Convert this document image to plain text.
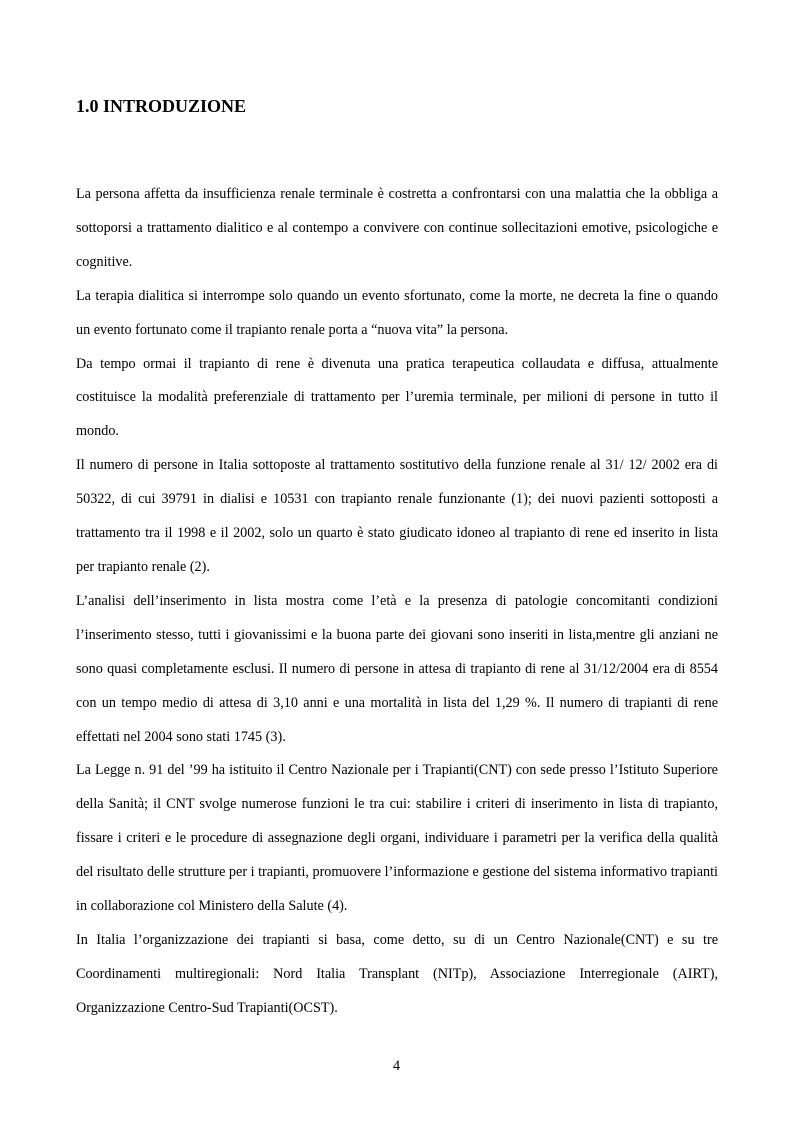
1.0 INTRODUZIONE

La persona affetta da insufficienza renale terminale è costretta a confrontarsi con una malattia che la obbliga a sottoporsi a trattamento dialitico e al contempo a convivere con continue sollecitazioni emotive, psicologiche e cognitive.

La terapia dialitica si interrompe solo quando un evento sfortunato, come la morte, ne decreta la fine o quando un evento fortunato come il trapianto renale porta a “nuova vita” la persona.

Da tempo ormai il trapianto di rene è divenuta una pratica terapeutica collaudata e diffusa, attualmente costituisce la modalità preferenziale di trattamento per l’uremia terminale, per milioni di persone in tutto il mondo.

Il numero di persone in Italia sottoposte al trattamento sostitutivo della funzione renale al 31/ 12/ 2002 era di 50322, di cui 39791 in dialisi e 10531 con trapianto renale funzionante (1); dei nuovi pazienti sottoposti a trattamento tra il 1998 e il 2002, solo un quarto è stato giudicato idoneo al trapianto di rene ed inserito in lista per trapianto renale (2).

L’analisi dell’inserimento in lista mostra come l’età e la presenza di patologie concomitanti condizioni l’inserimento stesso, tutti i giovanissimi e la buona parte dei giovani sono inseriti in lista,mentre gli anziani ne sono quasi completamente esclusi. Il numero di persone in attesa di trapianto di rene al 31/12/2004 era di 8554 con un tempo medio di attesa di 3,10 anni e una mortalità in lista del 1,29 %. Il numero di trapianti di rene effettati nel 2004 sono stati 1745 (3).

La Legge n. 91 del ’99 ha istituito il Centro Nazionale per i Trapianti(CNT) con sede presso l’Istituto Superiore della Sanità; il CNT svolge numerose funzioni le tra cui: stabilire i criteri di inserimento in lista di trapianto, fissare i criteri e le procedure di assegnazione degli organi, individuare i parametri per la verifica della qualità del risultato delle strutture per i trapianti, promuovere l’informazione e gestione del sistema informativo trapianti in collaborazione col Ministero della Salute (4).

In Italia l’organizzazione dei trapianti si basa, come detto, su di un Centro Nazionale(CNT) e su tre Coordinamenti multiregionali: Nord Italia Transplant (NITp), Associazione Interregionale (AIRT), Organizzazione Centro-Sud Trapianti(OCST).

4
